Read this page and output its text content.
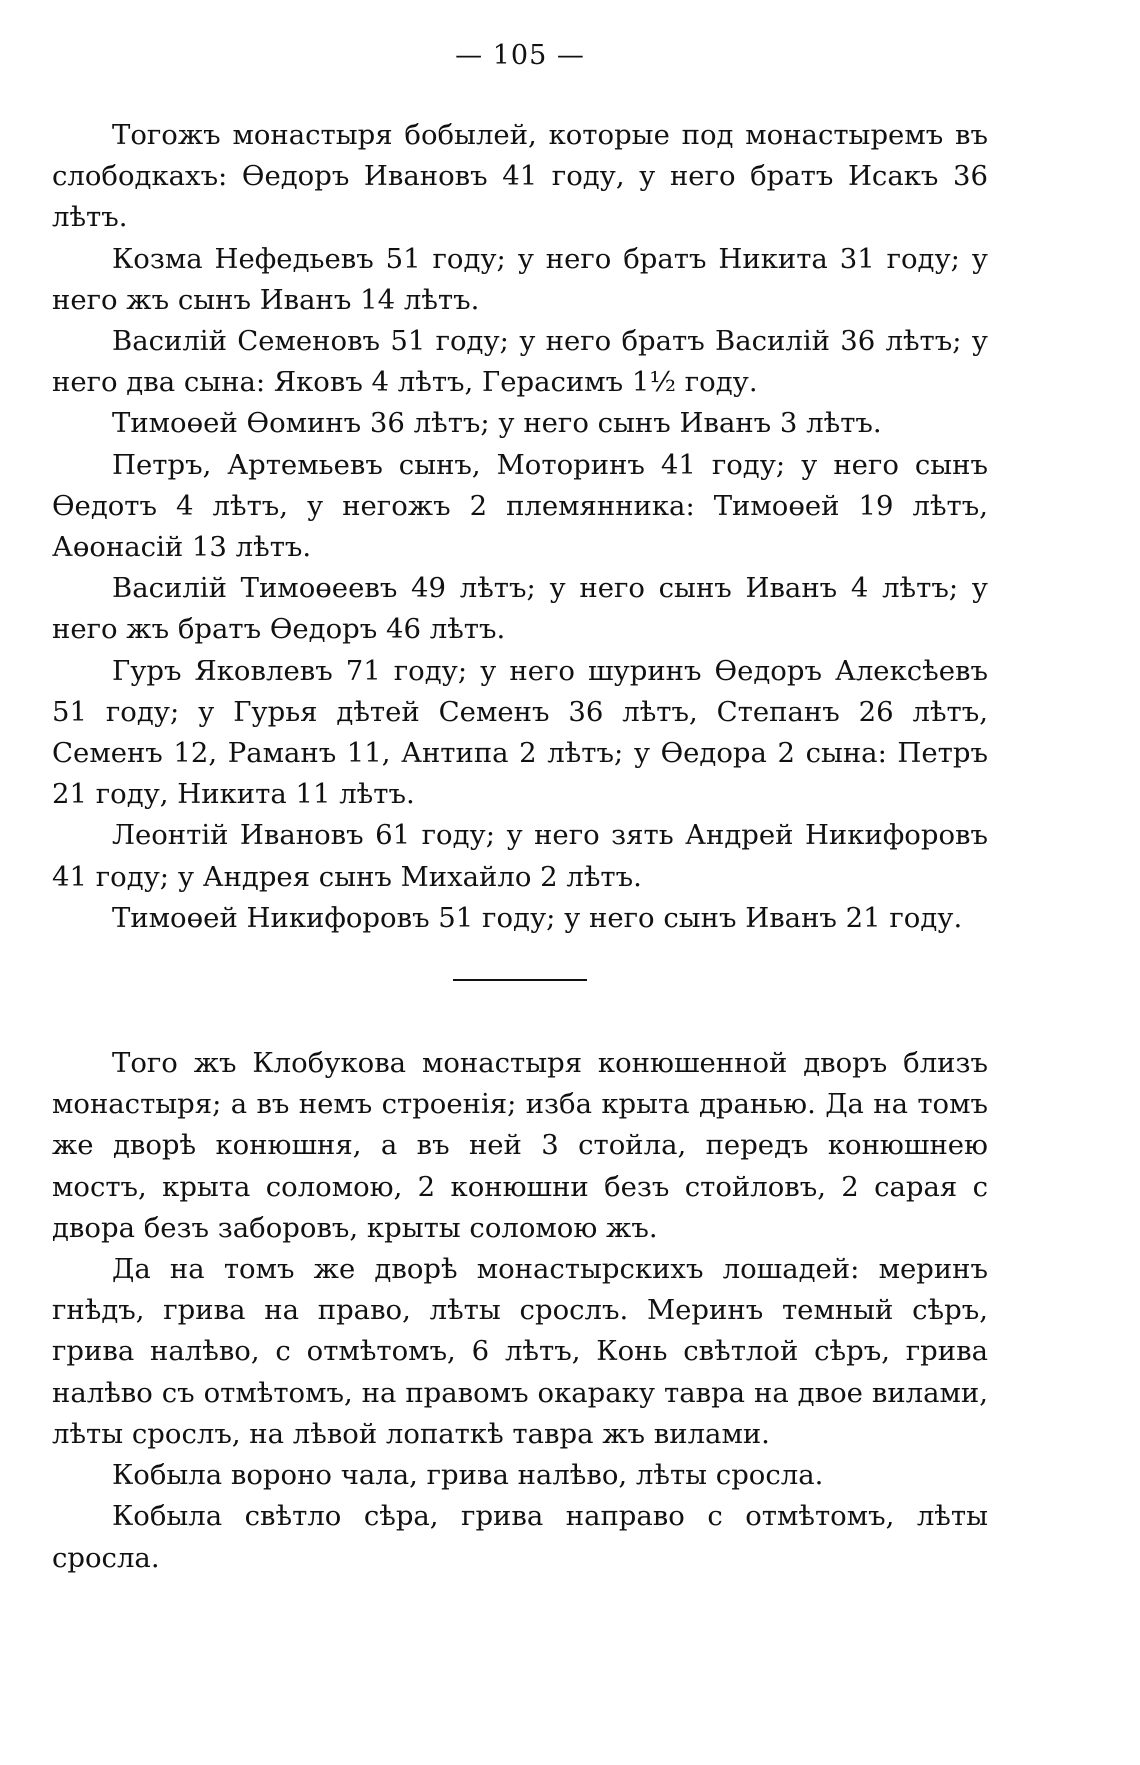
— 105 —

Тогожъ монастыря бобылей, которые под монастыремъ въ слободкахъ: Өедоръ Ивановъ 41 году, у него братъ Исакъ 36 лѣтъ.

Козма Нефедьевъ 51 году; у него братъ Никита 31 году; у него жъ сынъ Иванъ 14 лѣтъ.

Василій Семеновъ 51 году; у него братъ Василій 36 лѣтъ; у него два сына: Яковъ 4 лѣтъ, Герасимъ 1½ году.

Тимоөей Өоминъ 36 лѣтъ; у него сынъ Иванъ 3 лѣтъ.

Петръ, Артемьевъ сынъ, Моторинъ 41 году; у него сынъ Өедотъ 4 лѣтъ, у негожъ 2 племянника: Тимоөей 19 лѣтъ, Аөонасій 13 лѣтъ.

Василій Тимоөеевъ 49 лѣтъ; у него сынъ Иванъ 4 лѣтъ; у него жъ братъ Өедоръ 46 лѣтъ.

Гуръ Яковлевъ 71 году; у него шуринъ Өедоръ Алексѣевъ 51 году; у Гурья дѣтей Семенъ 36 лѣтъ, Степанъ 26 лѣтъ, Семенъ 12, Раманъ 11, Антипа 2 лѣтъ; у Өедора 2 сына: Петръ 21 году, Никита 11 лѣтъ.

Леонтій Ивановъ 61 году; у него зять Андрей Никифоровъ 41 году; у Андрея сынъ Михайло 2 лѣтъ.

Тимоөей Никифоровъ 51 году; у него сынъ Иванъ 21 году.

Того жъ Клобукова монастыря конюшенной дворъ близъ монастыря; а въ немъ строенія; изба крыта дранью. Да на томъ же дворѣ конюшня, а въ ней 3 стойла, передъ конюшнею мостъ, крыта соломою, 2 конюшни безъ стойловъ, 2 сарая с двора безъ заборовъ, крыты соломою жъ.

Да на томъ же дворѣ монастырскихъ лошадей: меринъ гнѣдъ, грива на право, лѣты срослъ. Меринъ темный сѣръ, грива налѣво, с отмѣтомъ, 6 лѣтъ, Конь свѣтлой сѣръ, грива налѣво съ отмѣтомъ, на правомъ окараку тавра на двое вилами, лѣты срослъ, на лѣвой лопаткѣ тавра жъ вилами.

Кобыла вороно чала, грива налѣво, лѣты сросла.

Кобыла свѣтло сѣра, грива направо с отмѣтомъ, лѣты сросла.
